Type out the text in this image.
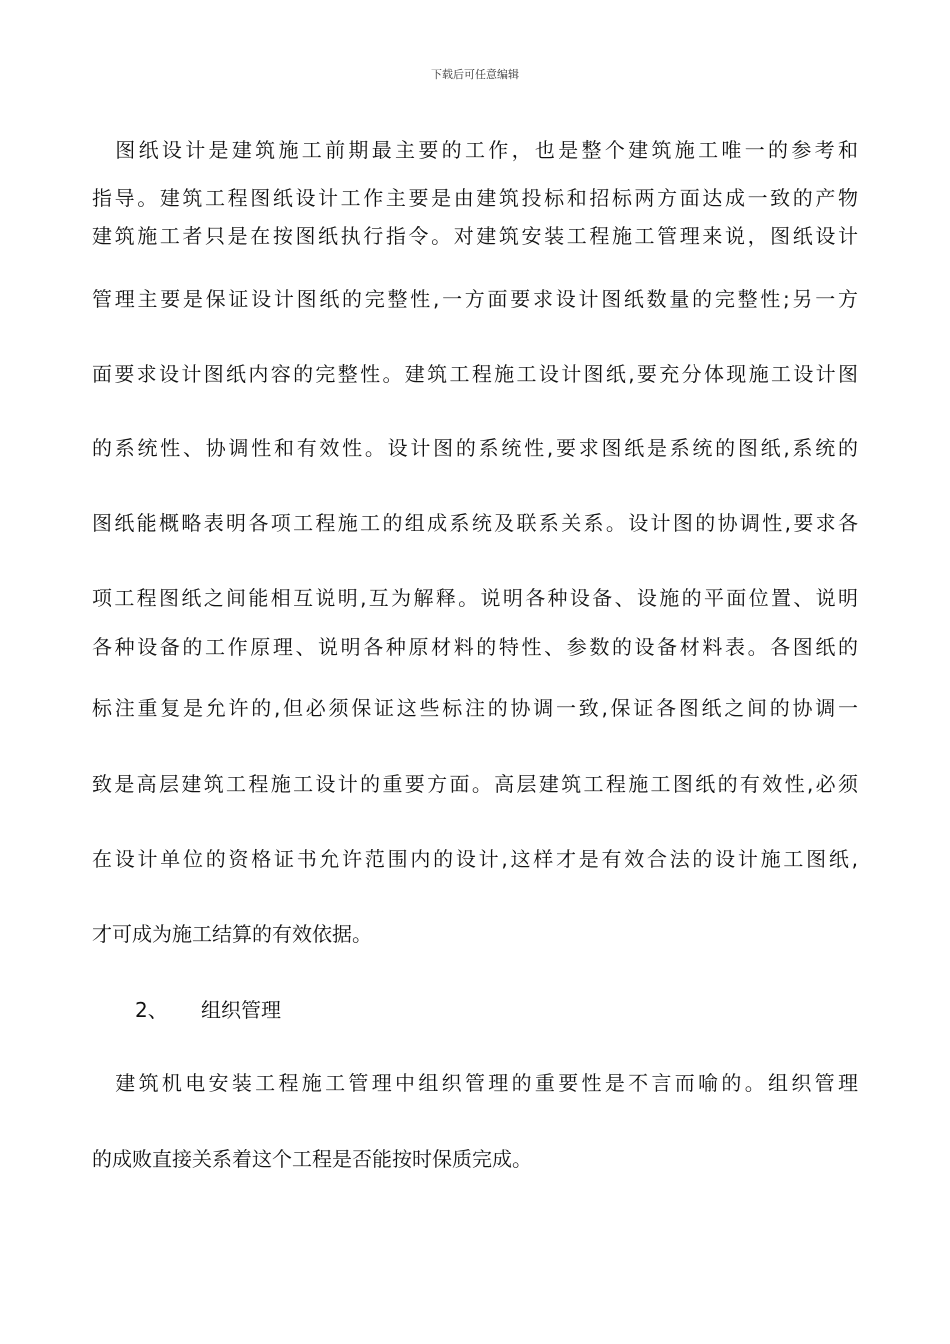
下载后可任意编辑
　图纸设计是建筑施工前期最主要的工作，也是整个建筑施工唯一的参考和
指导。建筑工程图纸设计工作主要是由建筑投标和招标两方面达成一致的产物
建筑施工者只是在按图纸执行指令。对建筑安装工程施工管理来说，图纸设计
管理主要是保证设计图纸的完整性,一方面要求设计图纸数量的完整性;另一方
面要求设计图纸内容的完整性。建筑工程施工设计图纸,要充分体现施工设计图
的系统性、协调性和有效性。设计图的系统性,要求图纸是系统的图纸,系统的
图纸能概略表明各项工程施工的组成系统及联系关系。设计图的协调性,要求各
项工程图纸之间能相互说明,互为解释。说明各种设备、设施的平面位置、说明
各种设备的工作原理、说明各种原材料的特性、参数的设备材料表。各图纸的
标注重复是允许的,但必须保证这些标注的协调一致,保证各图纸之间的协调一
致是高层建筑工程施工设计的重要方面。高层建筑工程施工图纸的有效性,必须
在设计单位的资格证书允许范围内的设计,这样才是有效合法的设计施工图纸,
才可成为施工结算的有效依据。
2、 组织管理
　建筑机电安装工程施工管理中组织管理的重要性是不言而喻的。组织管理
的成败直接关系着这个工程是否能按时保质完成。
